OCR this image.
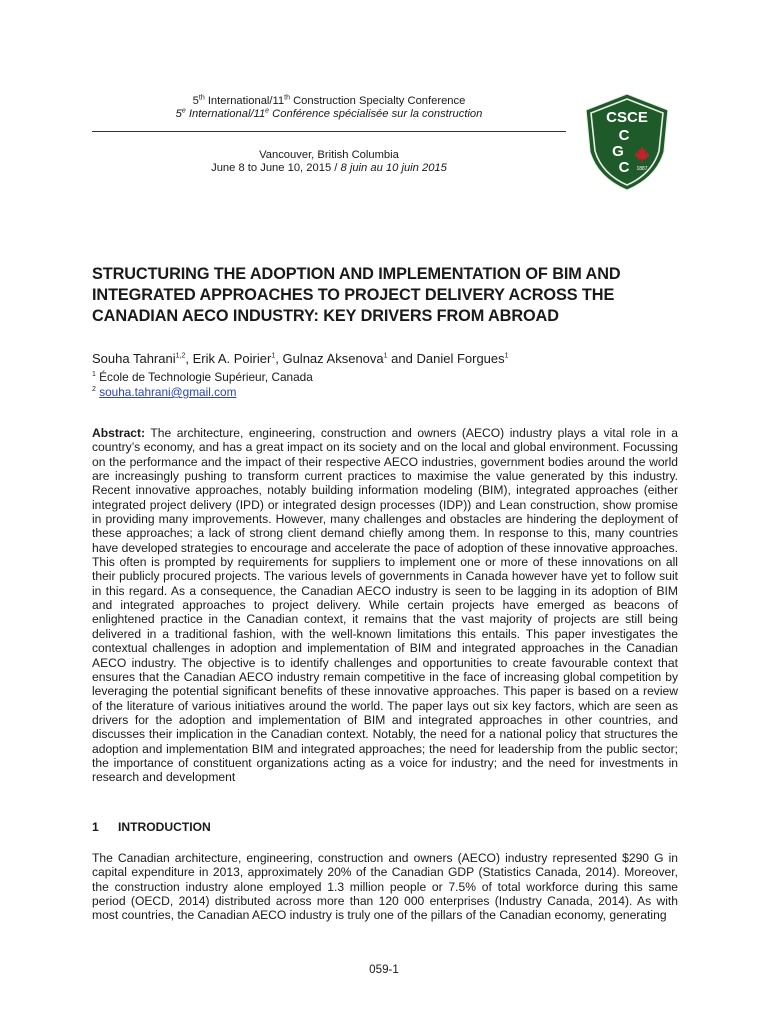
5th International/11th Construction Specialty Conference
5e International/11e Conférence spécialisée sur la construction
Vancouver, British Columbia
June 8 to June 10, 2015 / 8 juin au 10 juin 2015
CSCE
C
G
C 1887
STRUCTURING THE ADOPTION AND IMPLEMENTATION OF BIM AND
INTEGRATED APPROACHES TO PROJECT DELIVERY ACROSS THE
CANADIAN AECO INDUSTRY: KEY DRIVERS FROM ABROAD

Souha Tahrani$^{1,2}$, Erik A. Poirier$^1$, Gulnaz Aksenova$^1$ and Daniel Forgues$^1$

$^1$ École de Technologie Supérieur, Canada

$^2$ souha.tahrani@gmail.com

Abstract: The architecture, engineering, construction and owners (AECO) industry plays a vital role in a country’s economy, and has a great impact on its society and on the local and global environment. Focussing on the performance and the impact of their respective AECO industries, government bodies around the world are increasingly pushing to transform current practices to maximise the value generated by this industry. Recent innovative approaches, notably building information modeling (BIM), integrated approaches (either integrated project delivery (IPD) or integrated design processes (IDP)) and Lean construction, show promise in providing many improvements. However, many challenges and obstacles are hindering the deployment of these approaches; a lack of strong client demand chiefly among them. In response to this, many countries have developed strategies to encourage and accelerate the pace of adoption of these innovative approaches. This often is prompted by requirements for suppliers to implement one or more of these innovations on all their publicly procured projects. The various levels of governments in Canada however have yet to follow suit in this regard. As a consequence, the Canadian AECO industry is seen to be lagging in its adoption of BIM and integrated approaches to project delivery. While certain projects have emerged as beacons of enlightened practice in the Canadian context, it remains that the vast majority of projects are still being delivered in a traditional fashion, with the well-known limitations this entails. This paper investigates the contextual challenges in adoption and implementation of BIM and integrated approaches in the Canadian AECO industry. The objective is to identify challenges and opportunities to create favourable context that ensures that the Canadian AECO industry remain competitive in the face of increasing global competition by leveraging the potential significant benefits of these innovative approaches. This paper is based on a review of the literature of various initiatives around the world. The paper lays out six key factors, which are seen as drivers for the adoption and implementation of BIM and integrated approaches in other countries, and discusses their implication in the Canadian context. Notably, the need for a national policy that structures the adoption and implementation BIM and integrated approaches; the need for leadership from the public sector; the importance of constituent organizations acting as a voice for industry; and the need for investments in research and development

1 INTRODUCTION

The Canadian architecture, engineering, construction and owners (AECO) industry represented $290 G in capital expenditure in 2013, approximately 20% of the Canadian GDP (Statistics Canada, 2014). Moreover, the construction industry alone employed 1.3 million people or 7.5% of total workforce during this same period (OECD, 2014) distributed across more than 120 000 enterprises (Industry Canada, 2014). As with most countries, the Canadian AECO industry is truly one of the pillars of the Canadian economy, generating

059-1
